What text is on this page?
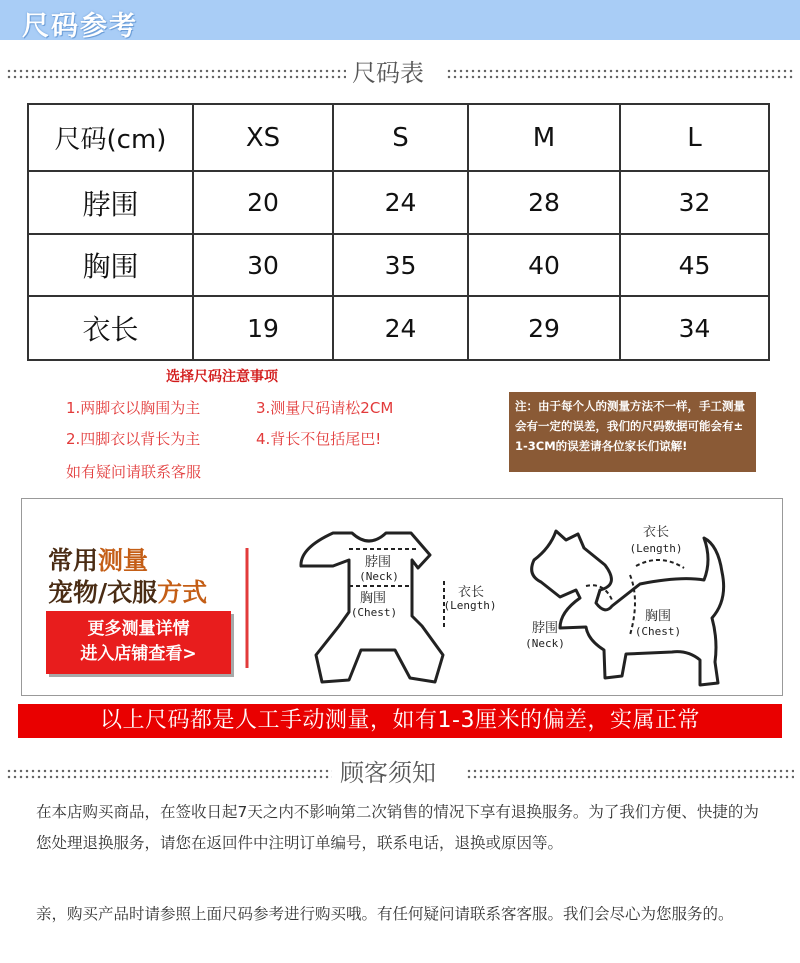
尺码参考
尺码表
尺码(cm)	XS	S	M	L
脖围	20	24	28	32
胸围	30	35	40	45
衣长	19	24	29	34
选择尺码注意事项
1.两脚衣以胸围为主	3.测量尺码请松2CM
2.四脚衣以背长为主	4.背长不包括尾巴!
如有疑问请联系客服
注：由于每个人的测量方法不一样，手工测量会有一定的误差，我们的尺码数据可能会有± 1-3CM的误差请各位家长们谅解!
常用测量
宠物/衣服方式
更多测量详情
进入店铺查看>
脖围
(Neck)
胸围
(Chest)
衣长
(Length)
衣长
(Length)
脖围
(Neck)
胸围
(Chest)
以上尺码都是人工手动测量，如有1-3厘米的偏差，实属正常
顾客须知
在本店购买商品，在签收日起7天之内不影响第二次销售的情况下享有退换服务。为了我们方便、快捷的为您处理退换服务，请您在返回件中注明订单编号，联系电话，退换或原因等。
亲，购买产品时请参照上面尺码参考进行购买哦。有任何疑问请联系客客服。我们会尽心为您服务的。
